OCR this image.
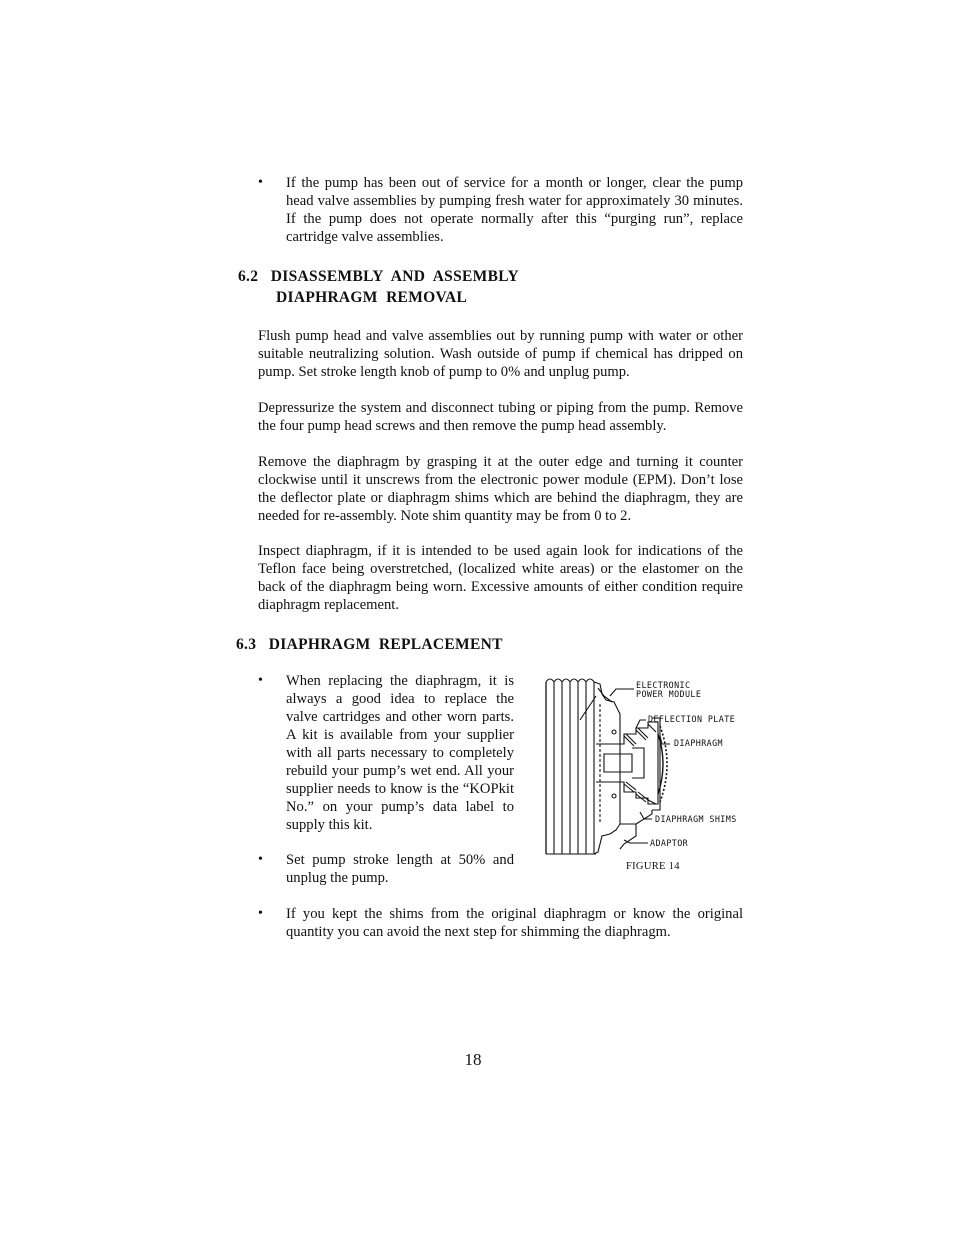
• If the pump has been out of service for a month or longer, clear the pump head valve assemblies by pumping fresh water for approximately 30 minutes. If the pump does not operate normally after this “purging run”, replace cartridge valve assemblies.
6.2   DISASSEMBLY  AND  ASSEMBLY
DIAPHRAGM  REMOVAL
Flush pump head and valve assemblies out by running pump with water or other suitable neutralizing solution. Wash outside of pump if chemical has dripped on pump. Set stroke length knob of pump to 0% and unplug pump.
Depressurize the system and disconnect tubing or piping from the pump. Remove the four pump head screws and then remove the pump head assembly.
Remove the diaphragm by grasping it at the outer edge and turning it counter clockwise until it unscrews from the electronic power module (EPM). Don’t lose the deflector plate or diaphragm shims which are behind the diaphragm, they are needed for re-assembly. Note shim quantity may be from 0 to 2.
Inspect diaphragm, if it is intended to be used again look for indications of the Teflon face being overstretched, (localized white areas) or the elastomer on the back of the diaphragm being worn. Excessive amounts of either condition require diaphragm replacement.
6.3   DIAPHRAGM  REPLACEMENT
• When replacing the diaphragm, it is always a good idea to replace the valve cartridges and other worn parts. A kit is available from your supplier with all parts necessary to completely rebuild your pump’s wet end. All your supplier needs to know is the “KOPkit No.” on your pump’s data label to supply this kit.
• Set pump stroke length at 50% and unplug the pump.
• If you kept the shims from the original diaphragm or know the original quantity you can avoid the next step for shimming the diaphragm.
ELECTRONIC
POWER MODULE
DEFLECTION PLATE
DIAPHRAGM
DIAPHRAGM SHIMS
ADAPTOR
FIGURE 14
18
